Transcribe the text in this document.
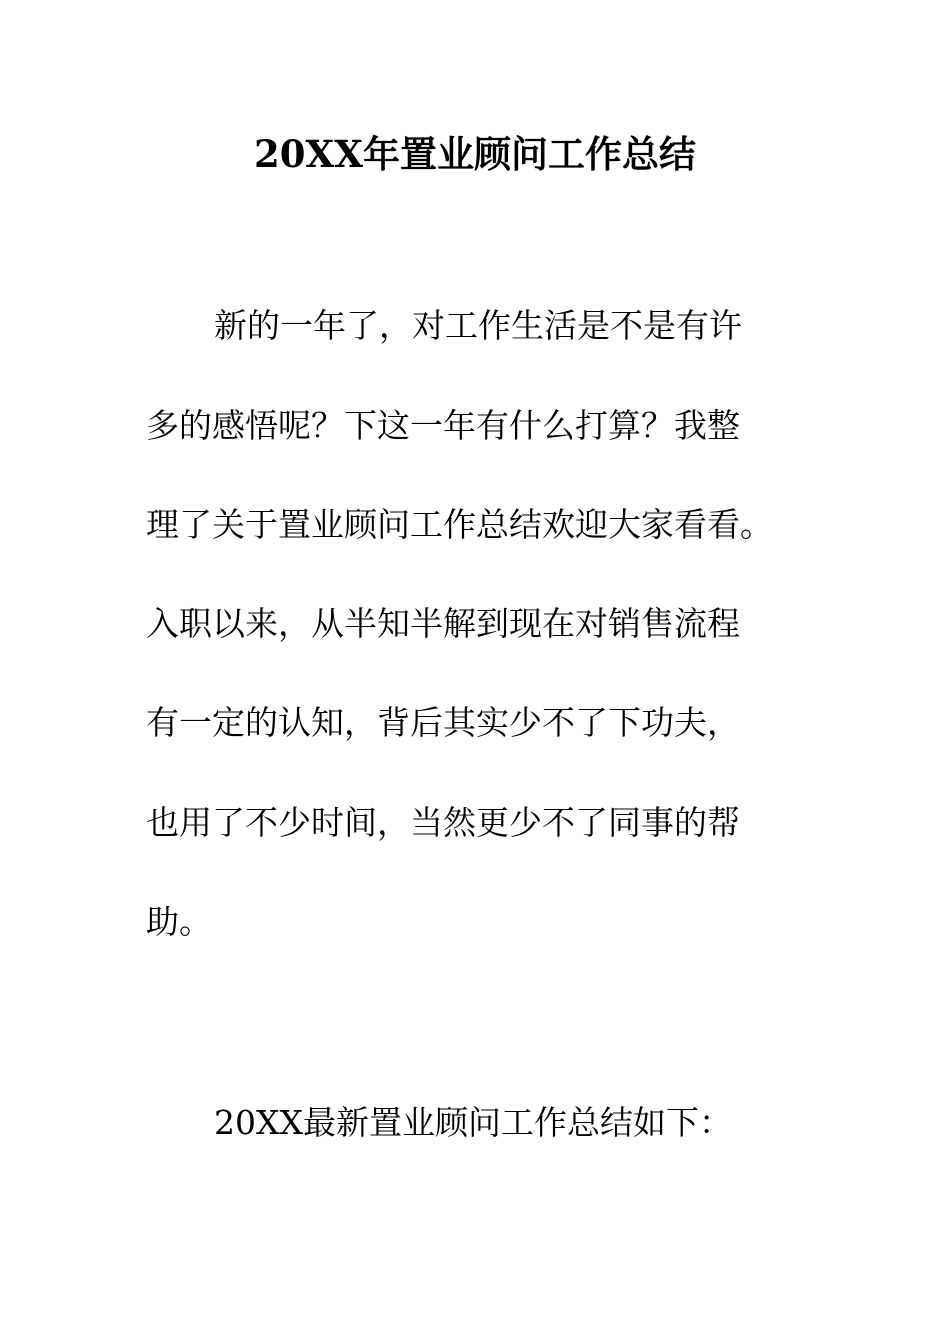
20XX年置业顾问工作总结
新的一年了，对工作生活是不是有许
多的感悟呢？下这一年有什么打算？我整
理了关于置业顾问工作总结欢迎大家看看。
入职以来，从半知半解到现在对销售流程
有一定的认知，背后其实少不了下功夫，
也用了不少时间，当然更少不了同事的帮
助。
20XX最新置业顾问工作总结如下：
